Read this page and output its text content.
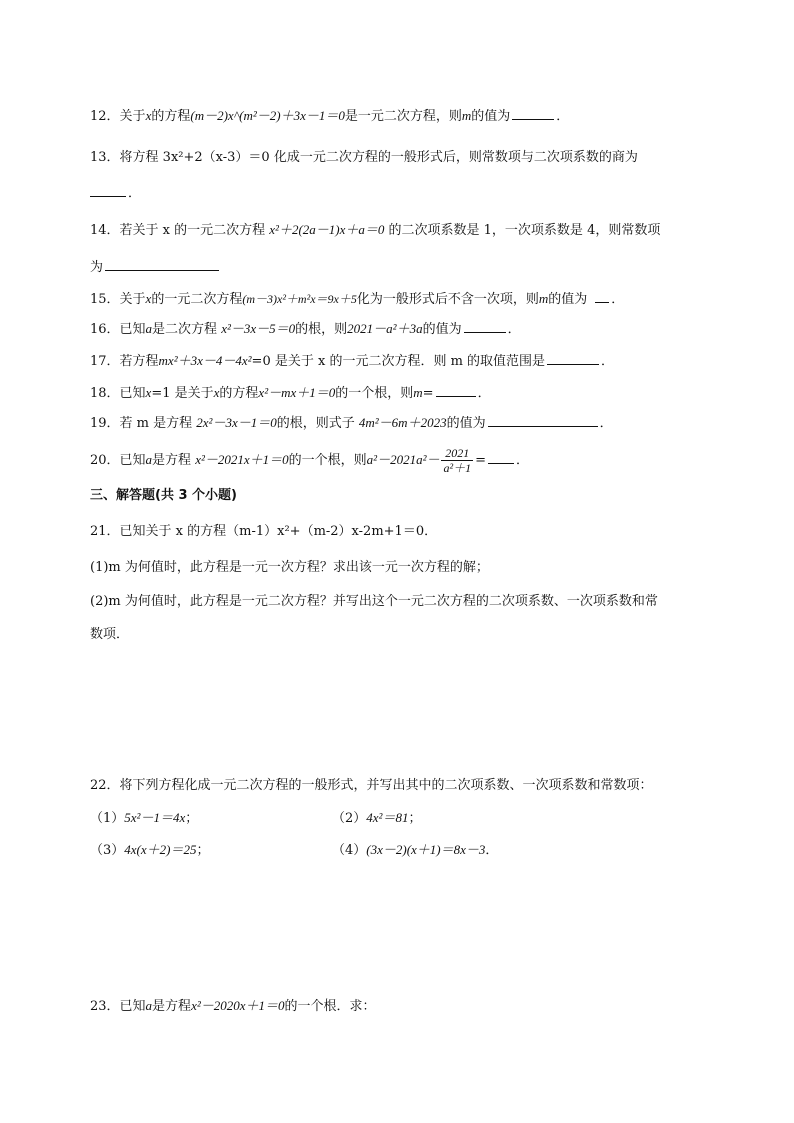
12．关于x的方程(m－2)x^(m²－2)＋3x－1＝0是一元二次方程，则m的值为	．
13．将方程 3x²+2（x-3）＝0 化成一元二次方程的一般形式后，则常数项与二次项系数的商为
．
14．若关于 x 的一元二次方程 x²＋2(2a－1)x＋a＝0 的二次项系数是 1，一次项系数是 4，则常数项
为
15．关于x的一元二次方程(m－3)x²＋m²x＝9x＋5化为一般形式后不含一次项，则m的值为 ．
16．已知a是二次方程 x²－3x－5＝0的根，则2021－a²＋3a的值为	．
17．若方程mx²＋3x－4－4x²=0 是关于 x 的一元二次方程．则 m 的取值范围是	．
18．已知x=1 是关于x的方程x²－mx＋1＝0的一个根，则m=	．
19．若 m 是方程 2x²－3x－1＝0的根，则式子 4m²－6m＋2023的值为	．
20．已知a是方程 x²－2021x＋1＝0的一个根，则$a^2-2021a^2- \frac{2021}{\text{a²＋1}}$ = ．
三、解答题(共 3 个小题)
21．已知关于 x 的方程（m-1）x²+（m-2）x-2m+1＝0．
(1)m 为何值时，此方程是一元一次方程？求出该一元一次方程的解；
(2)m 为何值时，此方程是一元二次方程？并写出这个一元二次方程的二次项系数、一次项系数和常
数项．
22．将下列方程化成一元二次方程的一般形式，并写出其中的二次项系数、一次项系数和常数项：
（1）5x²－1＝4x；	（2）4x²＝81；
（3）4x(x＋2)＝25；	（4）(3x－2)(x＋1)＝8x－3．
23．已知a是方程x²－2020x＋1＝0的一个根．求：
